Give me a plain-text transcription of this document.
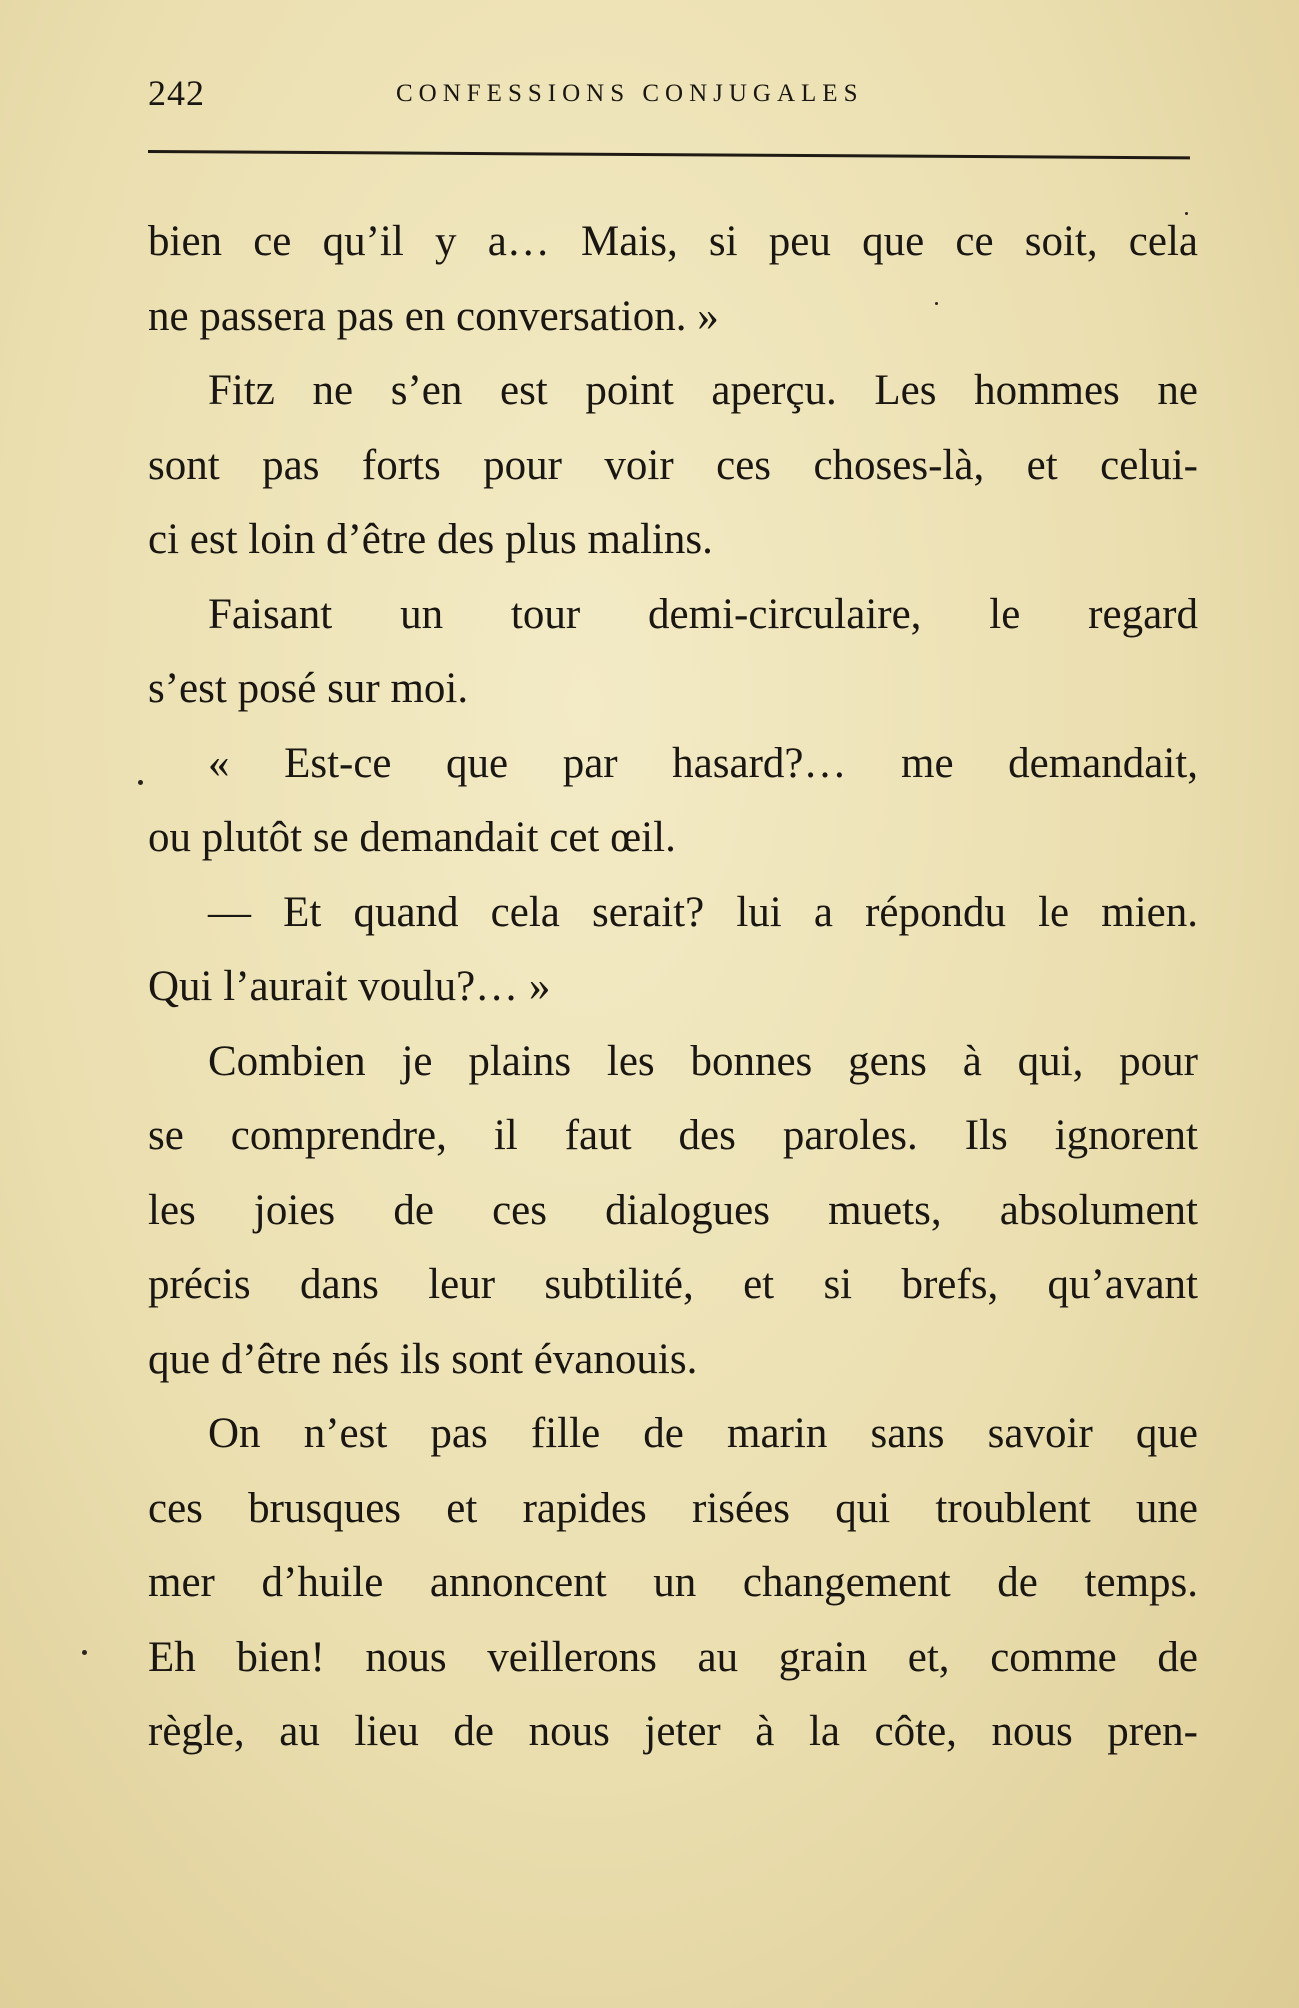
242	CONFESSIONS CONJUGALES
bien ce qu’il y a… Mais, si peu que ce soit, cela
ne passera pas en conversation. »
Fitz ne s’en est point aperçu. Les hommes ne
sont pas forts pour voir ces choses-là, et celui-
ci est loin d’être des plus malins.
Faisant un tour demi-circulaire, le regard
s’est posé sur moi.
« Est-ce que par hasard?… me demandait,
ou plutôt se demandait cet œil.
— Et quand cela serait? lui a répondu le mien.
Qui l’aurait voulu?… »
Combien je plains les bonnes gens à qui, pour
se comprendre, il faut des paroles. Ils ignorent
les joies de ces dialogues muets, absolument
précis dans leur subtilité, et si brefs, qu’avant
que d’être nés ils sont évanouis.
On n’est pas fille de marin sans savoir que
ces brusques et rapides risées qui troublent une
mer d’huile annoncent un changement de temps.
Eh bien! nous veillerons au grain et, comme de
règle, au lieu de nous jeter à la côte, nous pren-
